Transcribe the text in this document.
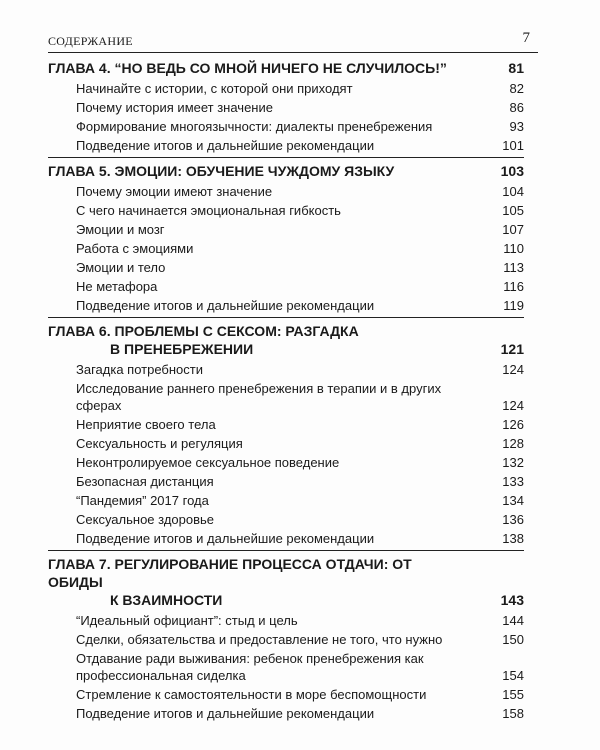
СОДЕРЖАНИЕ	7
ГЛАВА 4. “НО ВЕДЬ СО МНОЙ НИЧЕГО НЕ СЛУЧИЛОСЬ!”	81
Начинайте с истории, с которой они приходят	82
Почему история имеет значение	86
Формирование многоязычности: диалекты пренебрежения	93
Подведение итогов и дальнейшие рекомендации	101
ГЛАВА 5. ЭМОЦИИ: ОБУЧЕНИЕ ЧУЖДОМУ ЯЗЫКУ	103
Почему эмоции имеют значение	104
С чего начинается эмоциональная гибкость	105
Эмоции и мозг	107
Работа с эмоциями	110
Эмоции и тело	113
Не метафора	116
Подведение итогов и дальнейшие рекомендации	119
ГЛАВА 6. ПРОБЛЕМЫ С СЕКСОМ: РАЗГАДКА
В ПРЕНЕБРЕЖЕНИИ	121
Загадка потребности	124
Исследование раннего пренебрежения в терапии и в других сферах	124
Неприятие своего тела	126
Сексуальность и регуляция	128
Неконтролируемое сексуальное поведение	132
Безопасная дистанция	133
“Пандемия” 2017 года	134
Сексуальное здоровье	136
Подведение итогов и дальнейшие рекомендации	138
ГЛАВА 7. РЕГУЛИРОВАНИЕ ПРОЦЕССА ОТДАЧИ: ОТ ОБИДЫ
К ВЗАИМНОСТИ	143
“Идеальный официант”: стыд и цель	144
Сделки, обязательства и предоставление не того, что нужно	150
Отдавание ради выживания: ребенок пренебрежения как профессиональная сиделка	154
Стремление к самостоятельности в море беспомощности	155
Подведение итогов и дальнейшие рекомендации	158
